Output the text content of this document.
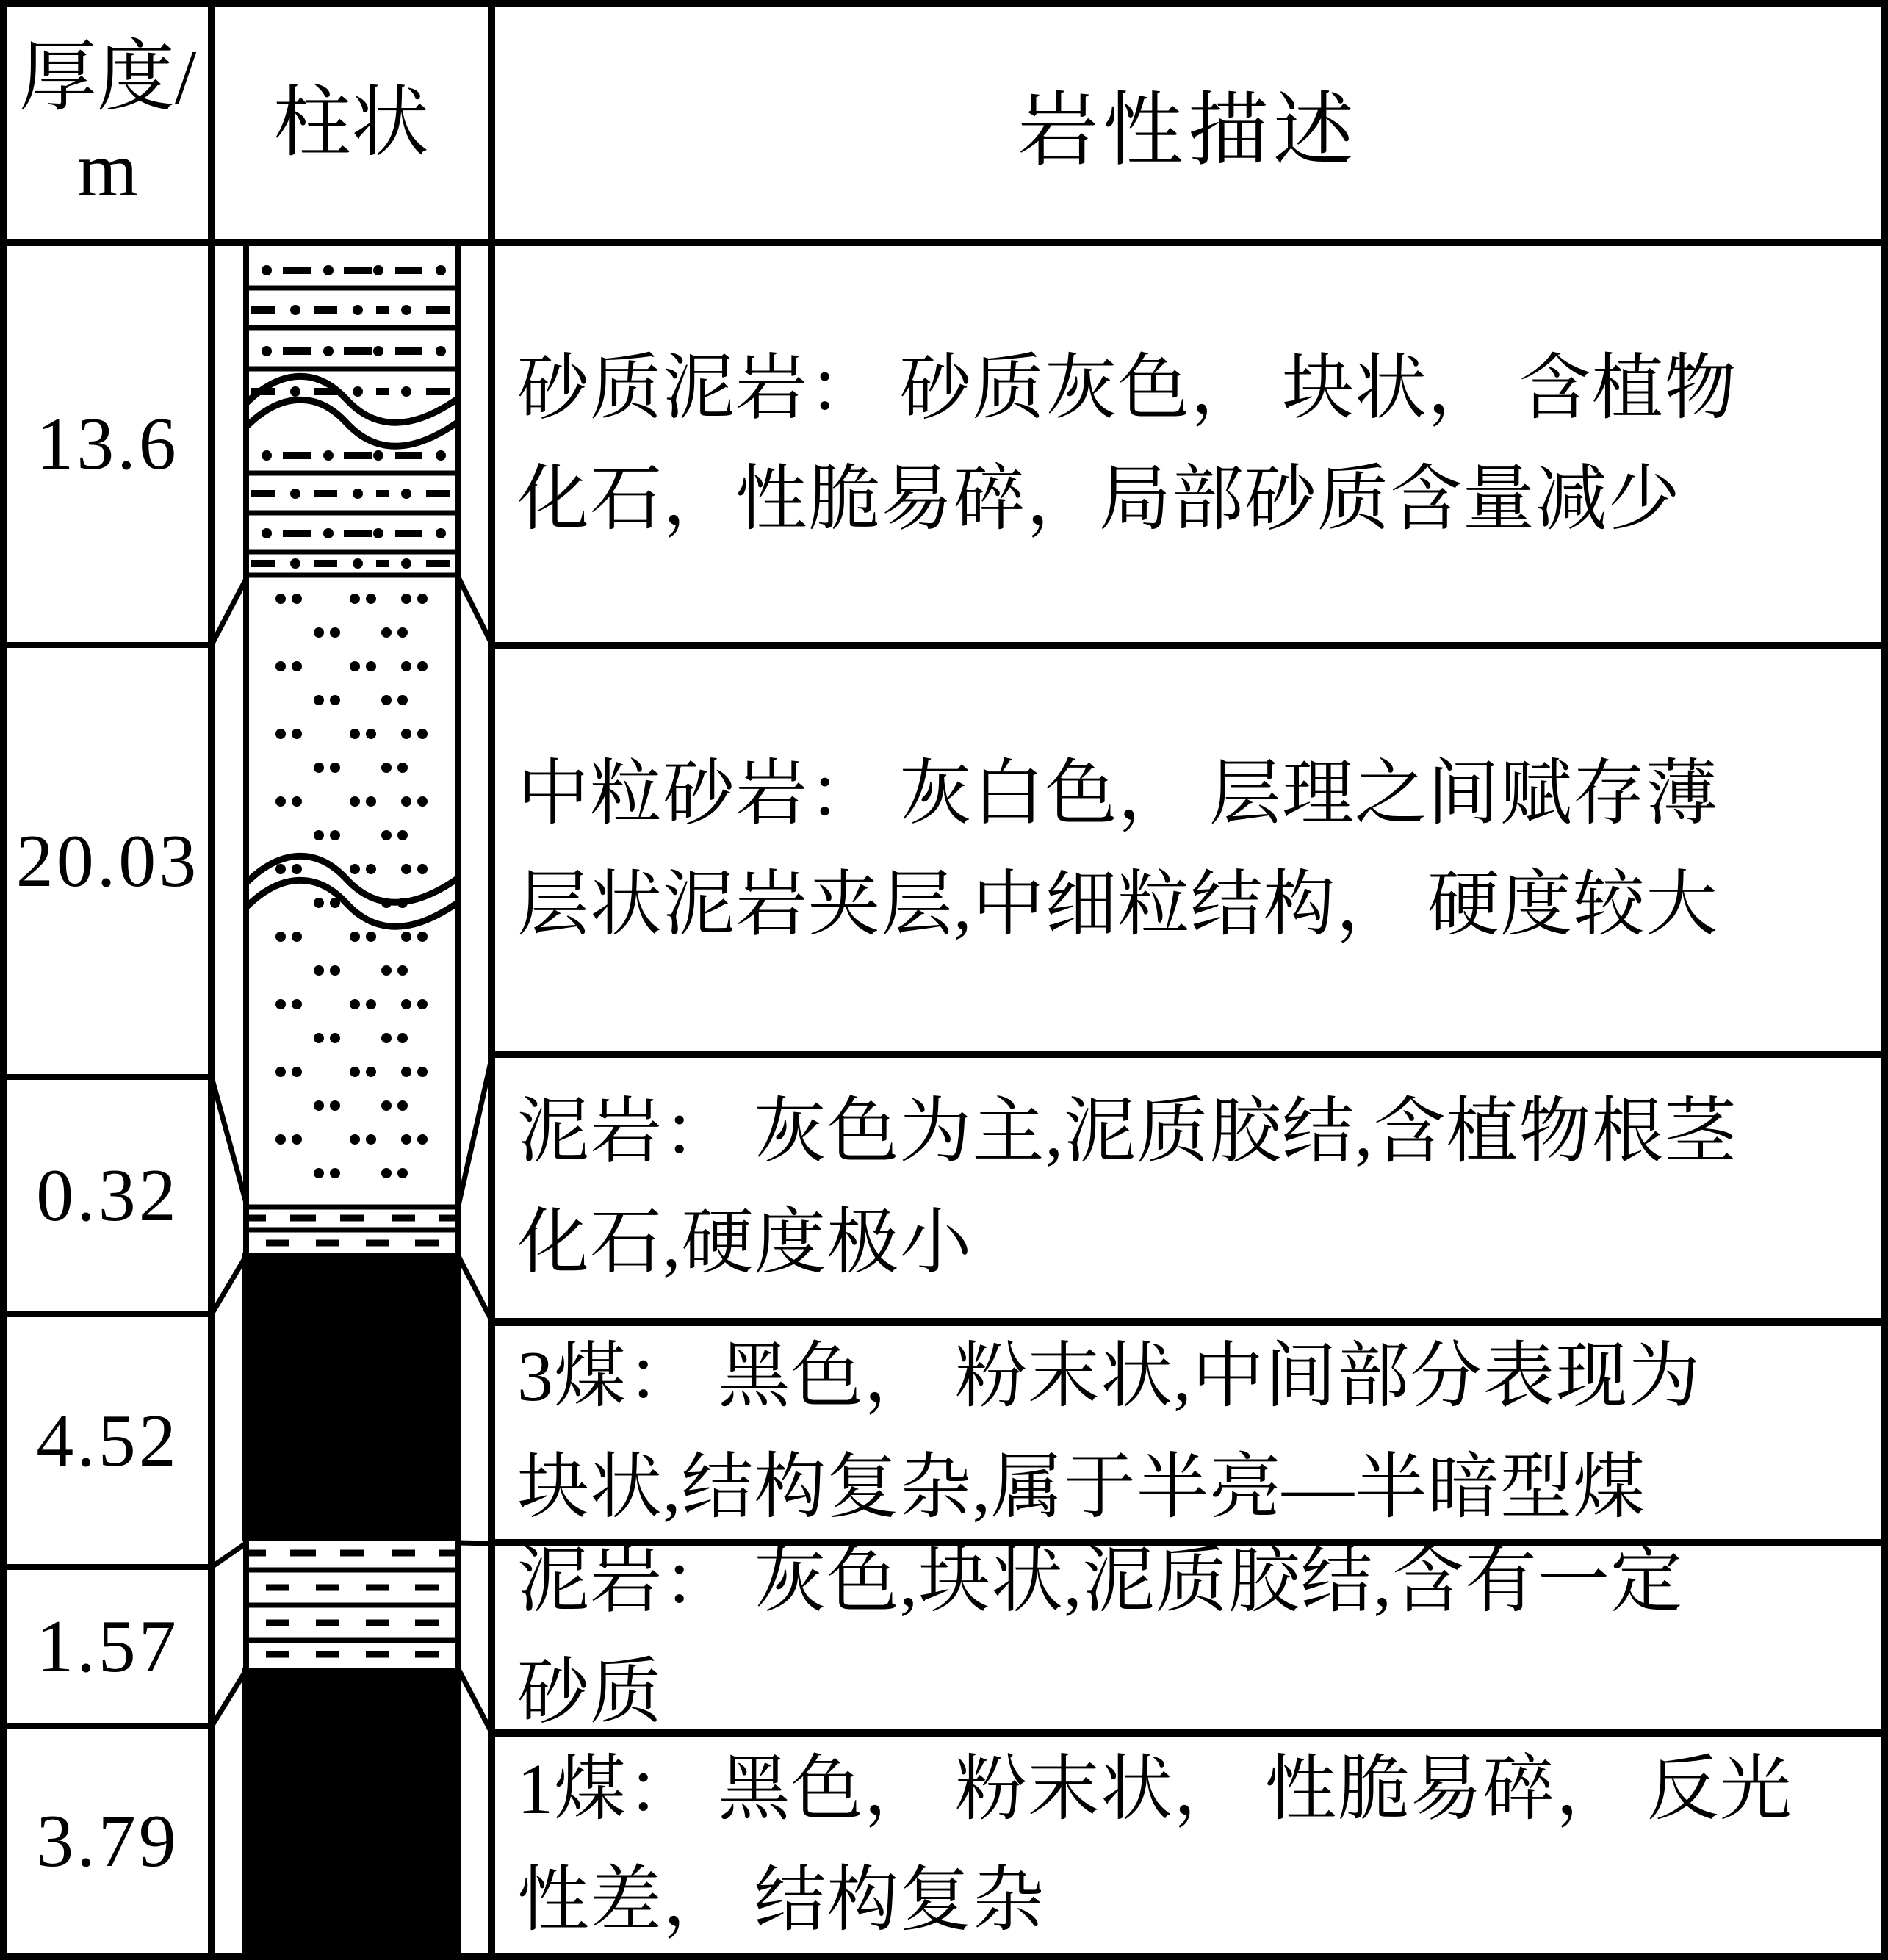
厚度/
m
柱状	岩性描述
13.6
20.03
0.32
4.52
1.57
3.79
砂质泥岩： 砂质灰色， 块状， 含植物
化石，性脆易碎，局部砂质含量减少
中粒砂岩： 灰白色， 层理之间赋存薄
层状泥岩夹层,中细粒结构， 硬度较大
泥岩： 灰色为主,泥质胶结,含植物根茎
化石,硬度极小
3煤： 黑色， 粉末状,中间部分表现为
块状,结构复杂,属于半亮—半暗型煤
泥岩： 灰色,块状,泥质胶结,含有一定
砂质
1煤： 黑色， 粉末状， 性脆易碎， 反光
性差， 结构复杂
